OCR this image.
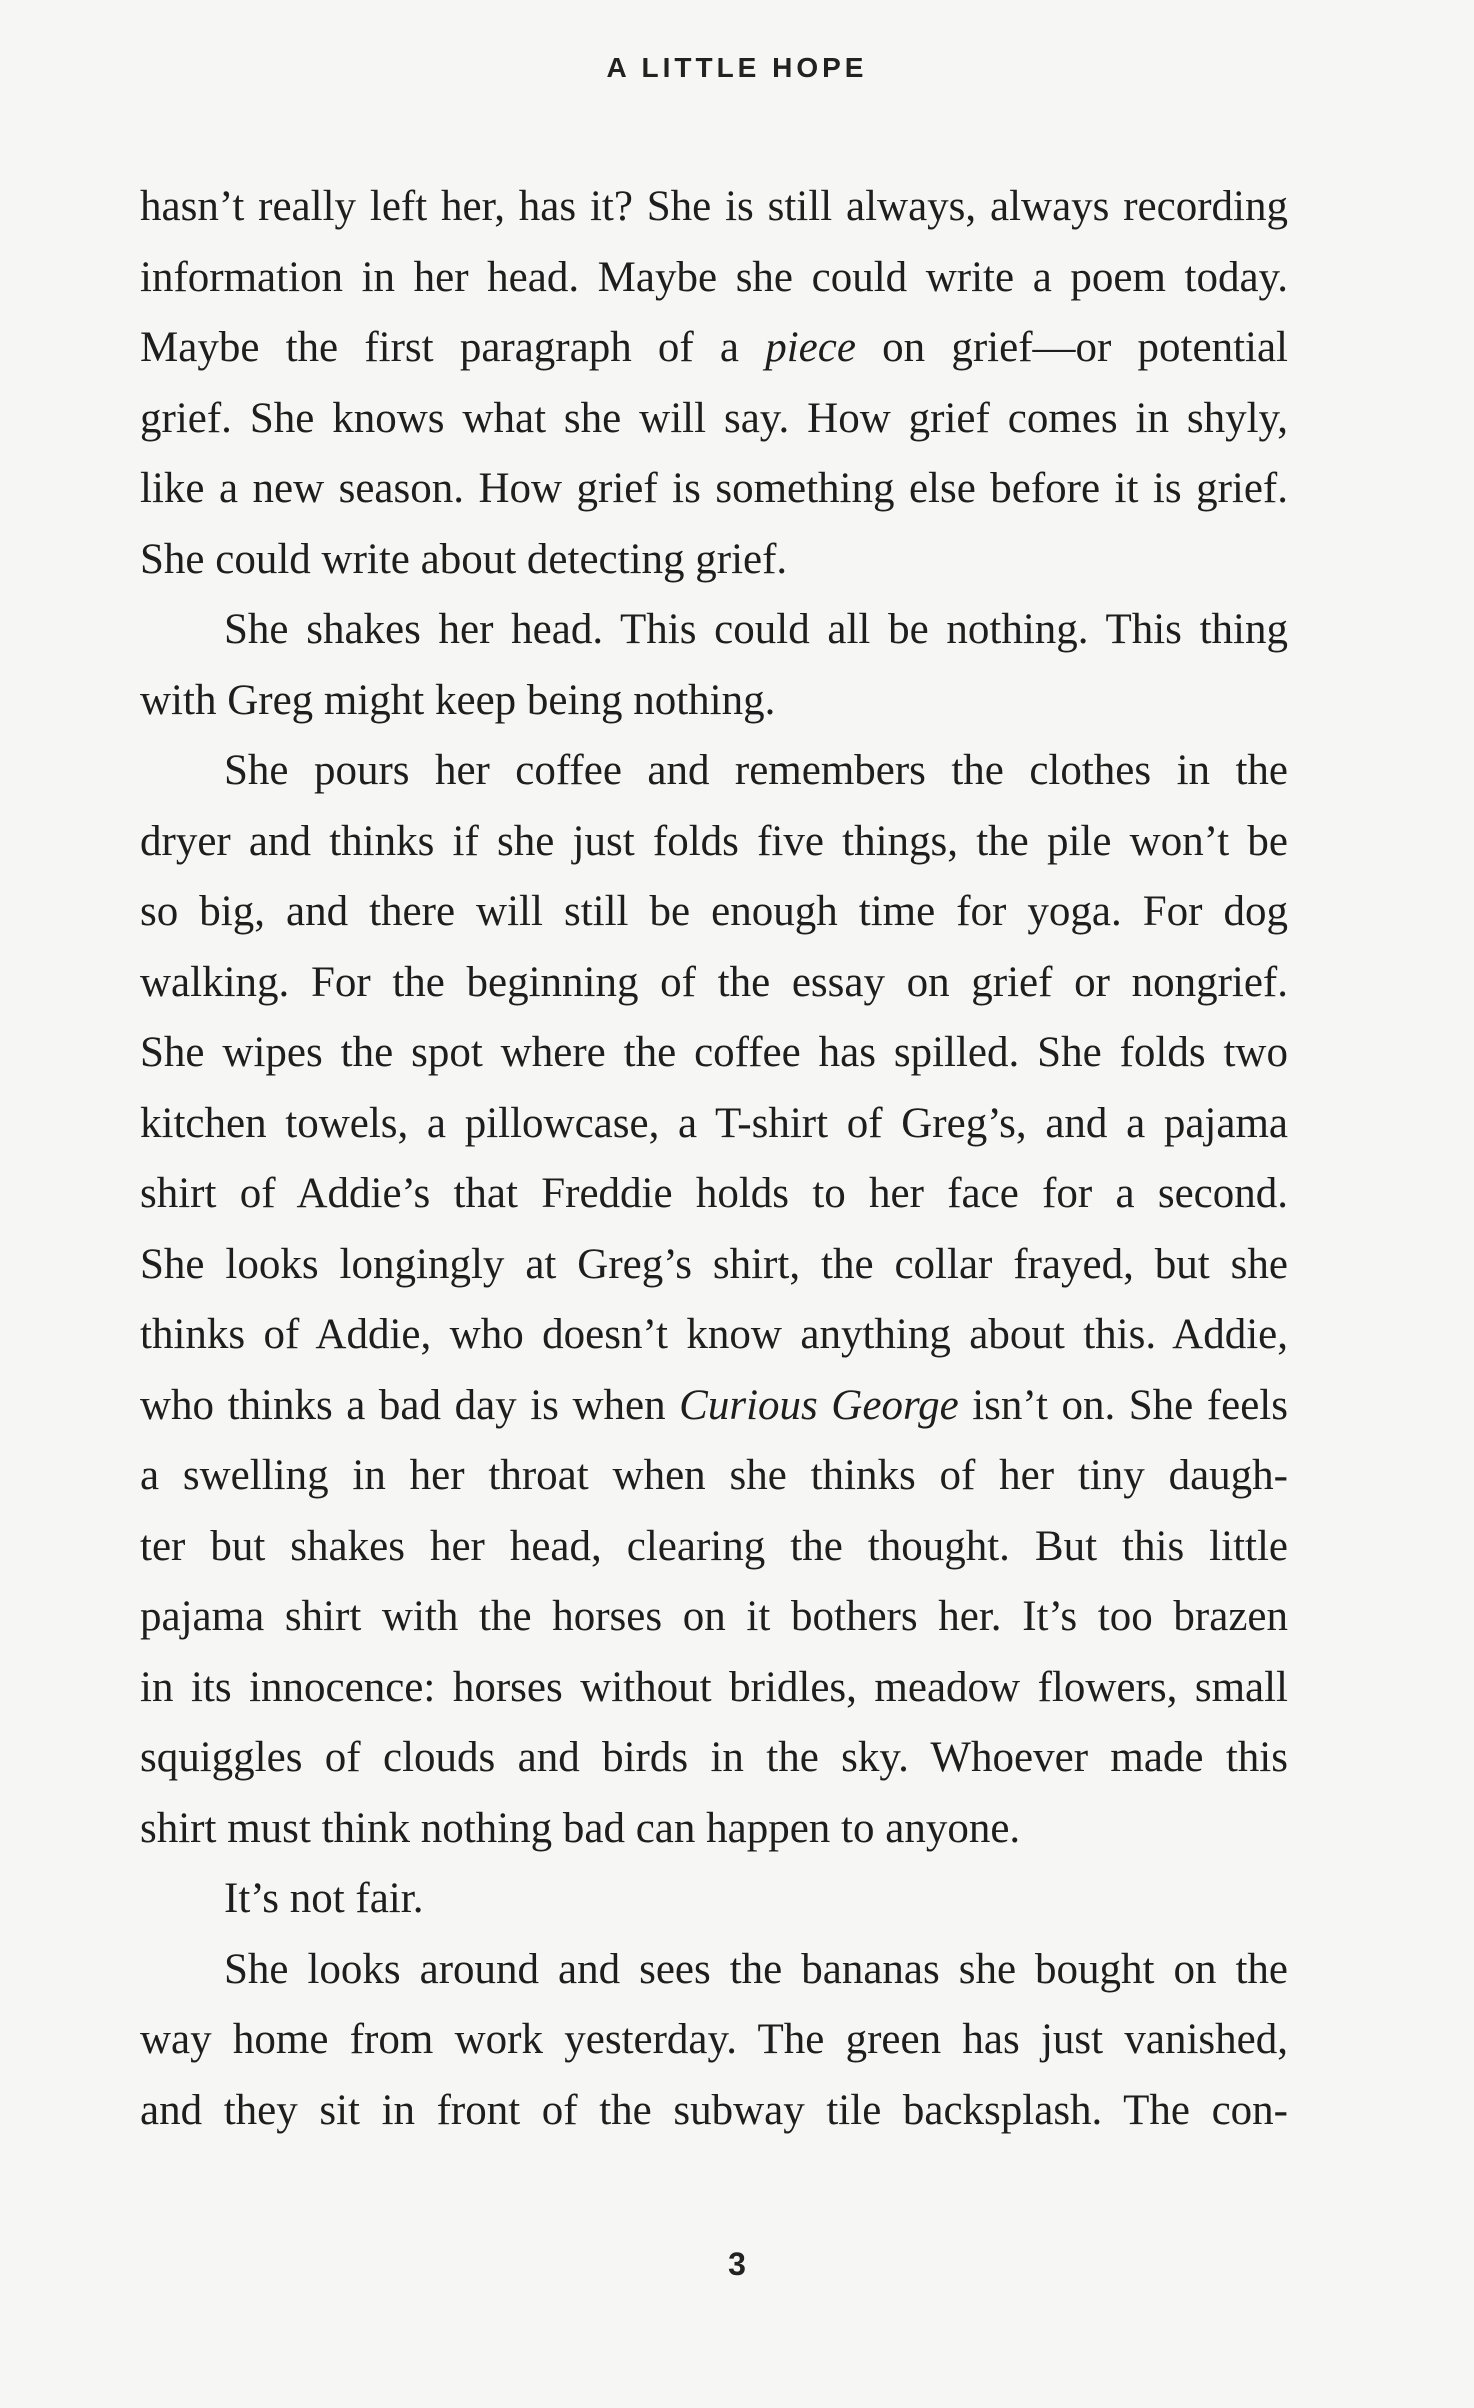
A LITTLE HOPE
hasn’t really left her, has it? She is still always, always recording
information in her head. Maybe she could write a poem today.
Maybe the first paragraph of a piece on grief—or potential
grief. She knows what she will say. How grief comes in shyly,
like a new season. How grief is something else before it is grief.
She could write about detecting grief.
She shakes her head. This could all be nothing. This thing
with Greg might keep being nothing.
She pours her coffee and remembers the clothes in the
dryer and thinks if she just folds five things, the pile won’t be
so big, and there will still be enough time for yoga. For dog
walking. For the beginning of the essay on grief or nongrief.
She wipes the spot where the coffee has spilled. She folds two
kitchen towels, a pillowcase, a T-shirt of Greg’s, and a pajama
shirt of Addie’s that Freddie holds to her face for a second.
She looks longingly at Greg’s shirt, the collar frayed, but she
thinks of Addie, who doesn’t know anything about this. Addie,
who thinks a bad day is when Curious George isn’t on. She feels
a swelling in her throat when she thinks of her tiny daugh-
ter but shakes her head, clearing the thought. But this little
pajama shirt with the horses on it bothers her. It’s too brazen
in its innocence: horses without bridles, meadow flowers, small
squiggles of clouds and birds in the sky. Whoever made this
shirt must think nothing bad can happen to anyone.
It’s not fair.
She looks around and sees the bananas she bought on the
way home from work yesterday. The green has just vanished,
and they sit in front of the subway tile backsplash. The con-
3
